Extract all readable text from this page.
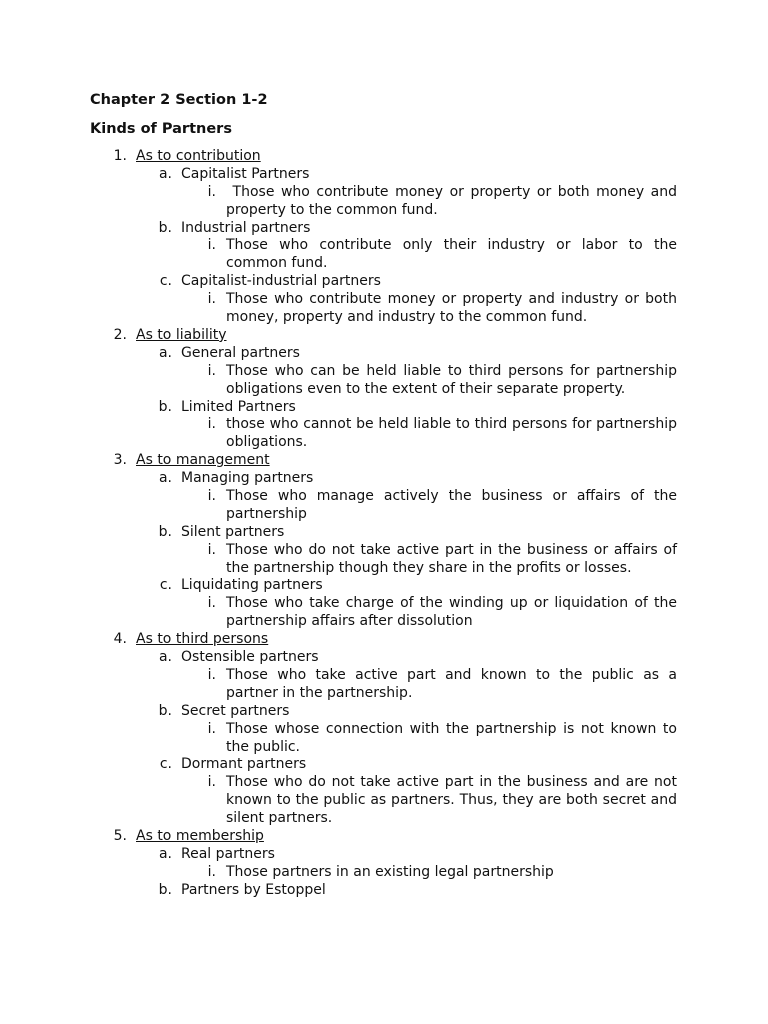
Chapter 2 Section 1-2

Kinds of Partners

1. As to contribution
a. Capitalist Partners
i. Those who contribute money or property or both money and property to the common fund.
b. Industrial partners
i. Those who contribute only their industry or labor to the common fund.
c. Capitalist-industrial partners
i. Those who contribute money or property and industry or both money, property and industry to the common fund.
2. As to liability
a. General partners
i. Those who can be held liable to third persons for partnership obligations even to the extent of their separate property.
b. Limited Partners
i. those who cannot be held liable to third persons for partnership obligations.
3. As to management
a. Managing partners
i. Those who manage actively the business or affairs of the partnership
b. Silent partners
i. Those who do not take active part in the business or affairs of the partnership though they share in the profits or losses.
c. Liquidating partners
i. Those who take charge of the winding up or liquidation of the partnership affairs after dissolution
4. As to third persons
a. Ostensible partners
i. Those who take active part and known to the public as a partner in the partnership.
b. Secret partners
i. Those whose connection with the partnership is not known to the public.
c. Dormant partners
i. Those who do not take active part in the business and are not known to the public as partners. Thus, they are both secret and silent partners.
5. As to membership
a. Real partners
i. Those partners in an existing legal partnership
b. Partners by Estoppel
